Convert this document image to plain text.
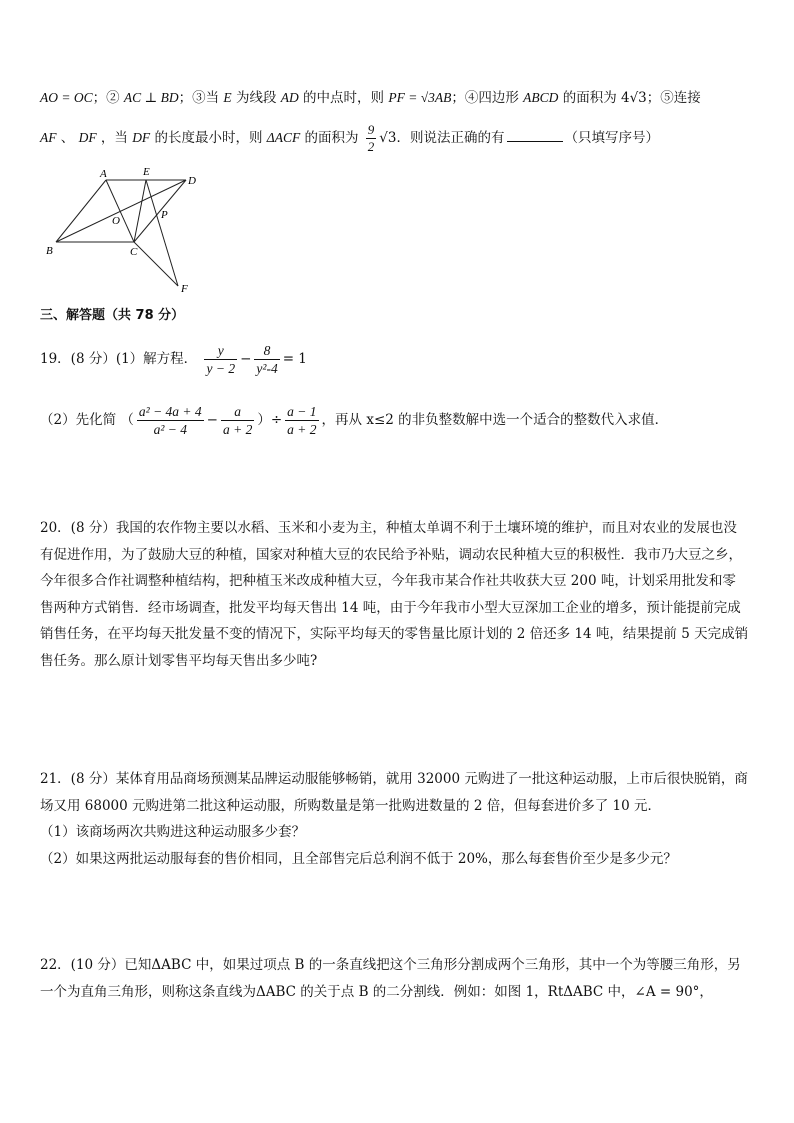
AO = OC；② AC ⊥ BD；③当 E 为线段 AD 的中点时，则 PF = √3AB；④四边形 ABCD 的面积为 4√3；⑤连接
AF 、 DF ，当 DF 的长度最小时，则 ΔACF 的面积为 $\frac{9}{2} √3$．则说法正确的有	（只填写序号）
A	E
D
O	P
B	C
F
三、解答题（共 78 分）
19．(8 分）(1）解方程． $\frac{y}{y - 2} - \frac{8}{\text{y²-4}} = 1$
（2）先化简 （ $\frac{\text{a² − 4a + 4}}{\text{a² − 4}} - \frac{a}{a + 2}$ ）÷ $\frac{a - 1}{a + 2}$ ，再从 x≤2 的非负整数解中选一个适合的整数代入求值．
20．(8 分）我国的农作物主要以水稻、玉米和小麦为主，种植太单调不利于土壤环境的维护，而且对农业的发展也没
有促进作用，为了鼓励大豆的种植，国家对种植大豆的农民给予补贴，调动农民种植大豆的积极性．我市乃大豆之乡，
今年很多合作社调整种植结构，把种植玉米改成种植大豆，今年我市某合作社共收获大豆 200 吨，计划采用批发和零
售两种方式销售．经市场调查，批发平均每天售出 14 吨，由于今年我市小型大豆深加工企业的增多，预计能提前完成
销售任务，在平均每天批发量不变的情况下，实际平均每天的零售量比原计划的 2 倍还多 14 吨，结果提前 5 天完成销
售任务。那么原计划零售平均每天售出多少吨?
21．(8 分）某体育用品商场预测某品牌运动服能够畅销，就用 32000 元购进了一批这种运动服，上市后很快脱销，商
场又用 68000 元购进第二批这种运动服，所购数量是第一批购进数量的 2 倍，但每套进价多了 10 元．
（1）该商场两次共购进这种运动服多少套？
（2）如果这两批运动服每套的售价相同，且全部售完后总利润不低于 20%，那么每套售价至少是多少元？
22．(10 分）已知ΔABC 中，如果过项点 B 的一条直线把这个三角形分割成两个三角形，其中一个为等腰三角形，另
一个为直角三角形，则称这条直线为ΔABC 的关于点 B 的二分割线．例如：如图 1，RtΔABC 中，∠A = 90°，
